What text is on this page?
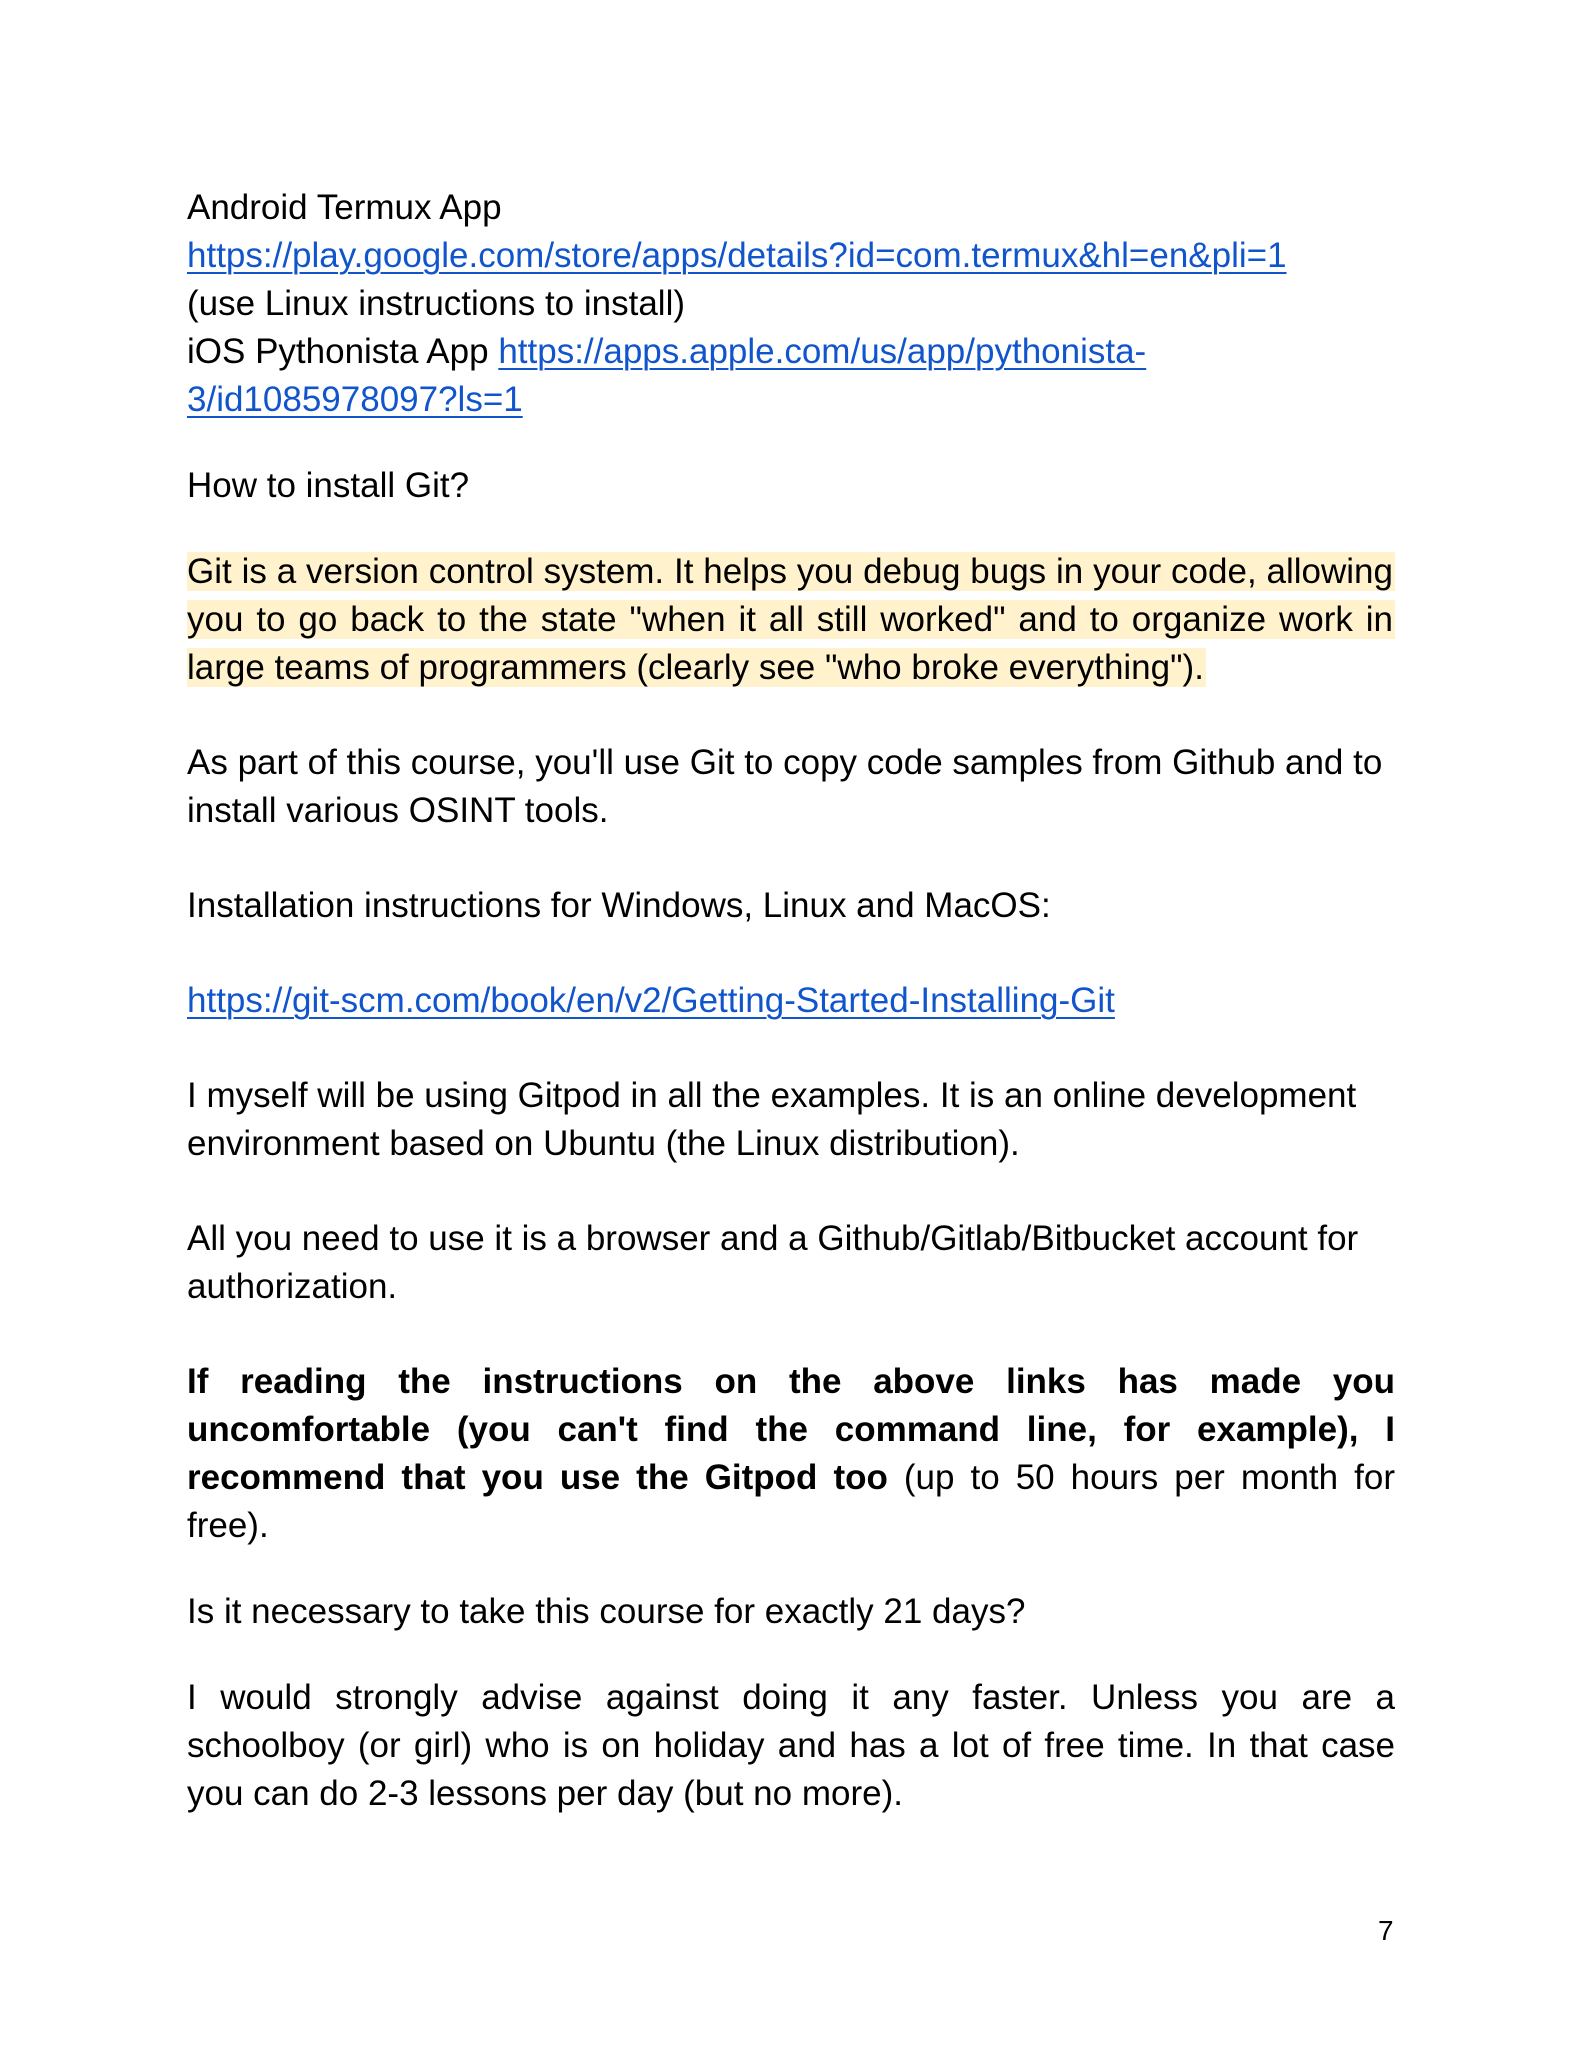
Android Termux App
https://play.google.com/store/apps/details?id=com.termux&hl=en&pli=1
(use Linux instructions to install)
iOS Pythonista App https://apps.apple.com/us/app/pythonista-
3/id1085978097?ls=1

How to install Git?

Git is a version control system. It helps you debug bugs in your code, allowing you to go back to the state "when it all still worked" and to organize work in large teams of programmers (clearly see "who broke everything").

As part of this course, you'll use Git to copy code samples from Github and to install various OSINT tools.

Installation instructions for Windows, Linux and MacOS:

https://git-scm.com/book/en/v2/Getting-Started-Installing-Git

I myself will be using Gitpod in all the examples. It is an online development environment based on Ubuntu (the Linux distribution).

All you need to use it is a browser and a Github/Gitlab/Bitbucket account for authorization.

If reading the instructions on the above links has made you uncomfortable (you can't find the command line, for example), I recommend that you use the Gitpod too (up to 50 hours per month for free).

Is it necessary to take this course for exactly 21 days?

I would strongly advise against doing it any faster. Unless you are a schoolboy (or girl) who is on holiday and has a lot of free time. In that case you can do 2-3 lessons per day (but no more).

7
